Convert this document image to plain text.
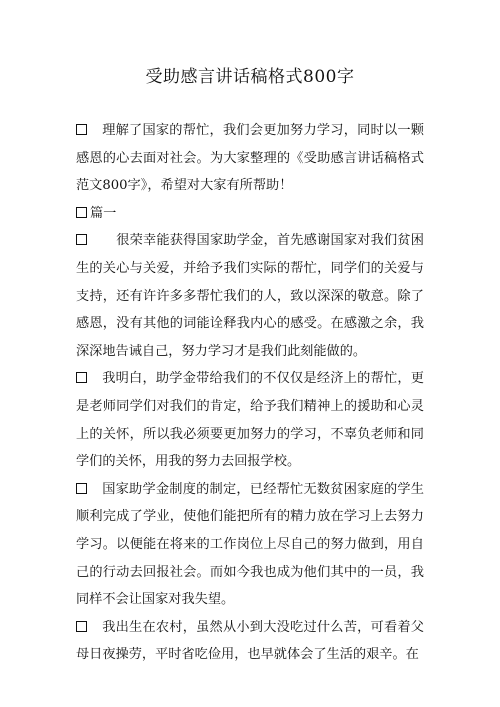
受助感言讲话稿格式800字

理解了国家的帮忙，我们会更加努力学习，同时以一颗感恩的心去面对社会。为大家整理的《受助感言讲话稿格式范文800字》，希望对大家有所帮助！

篇一

很荣幸能获得国家助学金，首先感谢国家对我们贫困生的关心与关爱，并给予我们实际的帮忙，同学们的关爱与支持，还有许许多多帮忙我们的人，致以深深的敬意。除了感恩，没有其他的词能诠释我内心的感受。在感激之余，我深深地告诫自己，努力学习才是我们此刻能做的。

我明白，助学金带给我们的不仅仅是经济上的帮忙，更是老师同学们对我们的肯定，给予我们精神上的援助和心灵上的关怀，所以我必须要更加努力的学习，不辜负老师和同学们的关怀，用我的努力去回报学校。

国家助学金制度的制定，已经帮忙无数贫困家庭的学生顺利完成了学业，使他们能把所有的精力放在学习上去努力学习。以便能在将来的工作岗位上尽自己的努力做到，用自己的行动去回报社会。而如今我也成为他们其中的一员，我同样不会让国家对我失望。

我出生在农村，虽然从小到大没吃过什么苦，可看着父母日夜操劳，平时省吃俭用，也早就体会了生活的艰辛。在
